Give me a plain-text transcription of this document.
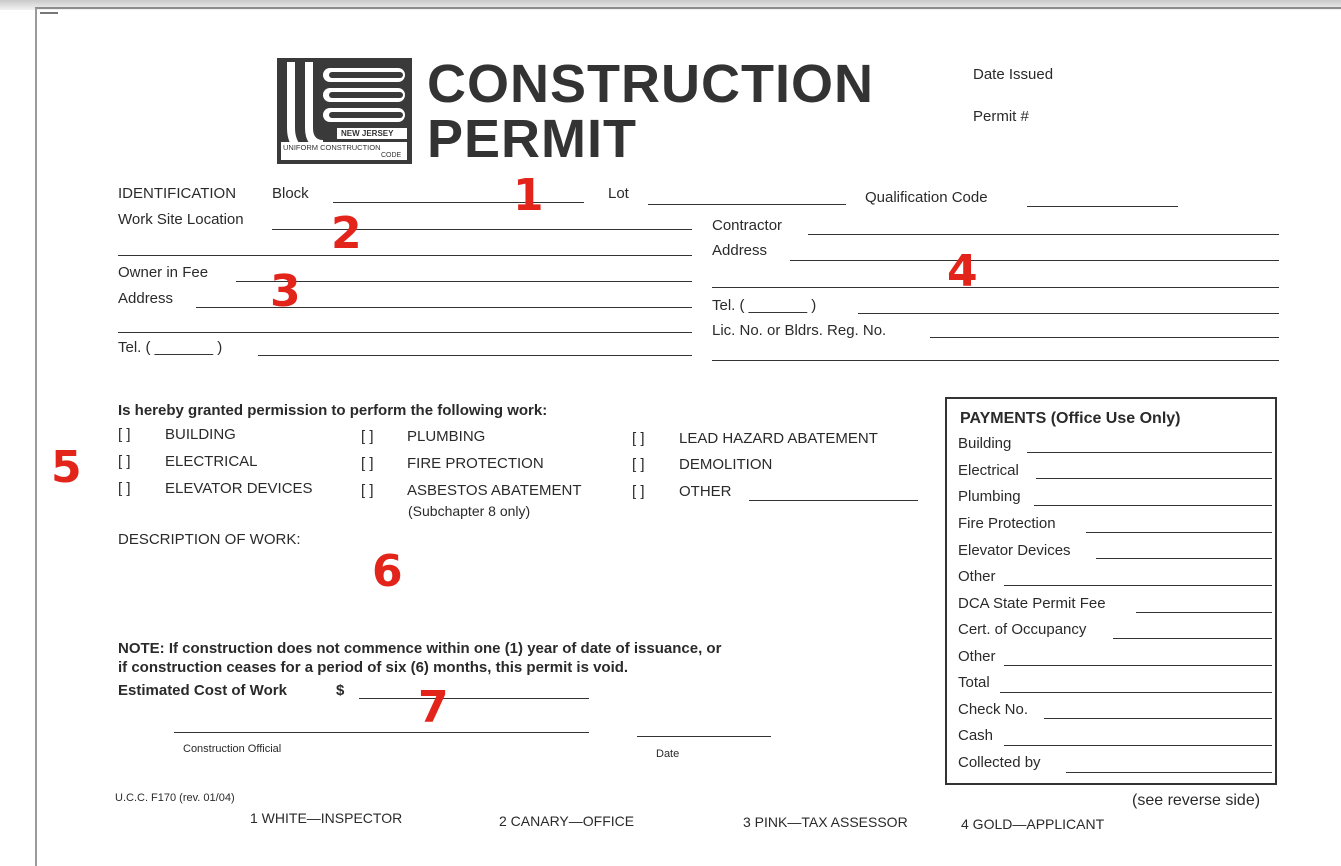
NEW JERSEY
UNIFORM CONSTRUCTION
CODE
CONSTRUCTION
PERMIT
Date Issued
Permit #
IDENTIFICATION Block	Lot	Qualification Code
Work Site Location
Owner in Fee
Address
Tel. ( _______ )
Contractor
Address
Tel. ( _______ )
Lic. No. or Bldrs. Reg. No.
Is hereby granted permission to perform the following work:
[ ] BUILDING
[ ] ELECTRICAL
[ ] ELEVATOR DEVICES
[ ] PLUMBING
[ ] FIRE PROTECTION
[ ] ASBESTOS ABATEMENT
(Subchapter 8 only)
[ ] LEAD HAZARD ABATEMENT
[ ] DEMOLITION
[ ] OTHER
DESCRIPTION OF WORK:
NOTE: If construction does not commence within one (1) year of date of issuance, or
if construction ceases for a period of six (6) months, this permit is void.
Estimated Cost of Work	$
Construction Official	Date
PAYMENTS (Office Use Only)
Building
Electrical
Plumbing
Fire Protection
Elevator Devices
Other
DCA State Permit Fee
Cert. of Occupancy
Other
Total
Check No.
Cash
Collected by
U.C.C. F170 (rev. 01/04)	(see reverse side)
1 WHITE—INSPECTOR	2 CANARY—OFFICE	3 PINK—TAX ASSESSOR	4 GOLD—APPLICANT
1
2
3	4
5
6
7
